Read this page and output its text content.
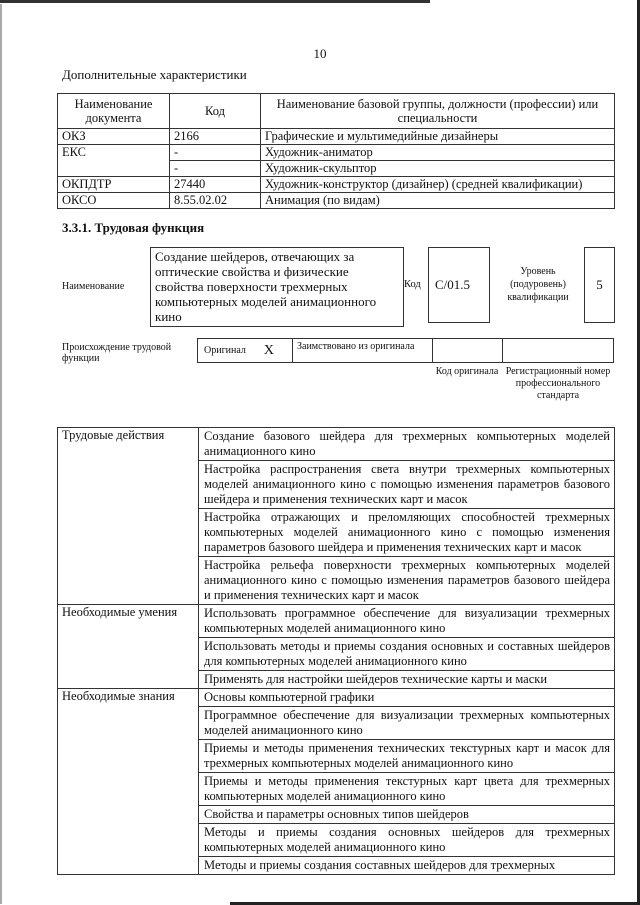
10
Дополнительные характеристики
Наименование документа	Код	Наименование базовой группы, должности (профессии) или специальности
ОКЗ	2166	Графические и мультимедийные дизайнеры
ЕКС	-	Художник-аниматор
	-	Художник-скульптор
ОКПДТР	27440	Художник-конструктор (дизайнер) (средней квалификации)
ОКСО	8.55.02.02	Анимация (по видам)
3.3.1. Трудовая функция
Наименование
Создание шейдеров, отвечающих за оптические свойства и физические свойства поверхности трехмерных компьютерных моделей анимационного кино
Код C/01.5
Уровень (подуровень) квалификации
5
Происхождение трудовой функции
Оригинал X	Заимствовано из оригинала
Код оригинала Регистрационный номер профессионального стандарта
Трудовые действия	Создание базового шейдера для трехмерных компьютерных моделей анимационного кино
	Настройка распространения света внутри трехмерных компьютерных моделей анимационного кино с помощью изменения параметров базового шейдера и применения технических карт и масок
	Настройка отражающих и преломляющих способностей трехмерных компьютерных моделей анимационного кино с помощью изменения параметров базового шейдера и применения технических карт и масок
	Настройка рельефа поверхности трехмерных компьютерных моделей анимационного кино с помощью изменения параметров базового шейдера и применения технических карт и масок
Необходимые умения	Использовать программное обеспечение для визуализации трехмерных компьютерных моделей анимационного кино
	Использовать методы и приемы создания основных и составных шейдеров для компьютерных моделей анимационного кино
	Применять для настройки шейдеров технические карты и маски
Необходимые знания	Основы компьютерной графики
	Программное обеспечение для визуализации трехмерных компьютерных моделей анимационного кино
	Приемы и методы применения технических текстурных карт и масок для трехмерных компьютерных моделей анимационного кино
	Приемы и методы применения текстурных карт цвета для трехмерных компьютерных моделей анимационного кино
	Свойства и параметры основных типов шейдеров
	Методы и приемы создания основных шейдеров для трехмерных компьютерных моделей анимационного кино
	Методы и приемы создания составных шейдеров для трехмерных
